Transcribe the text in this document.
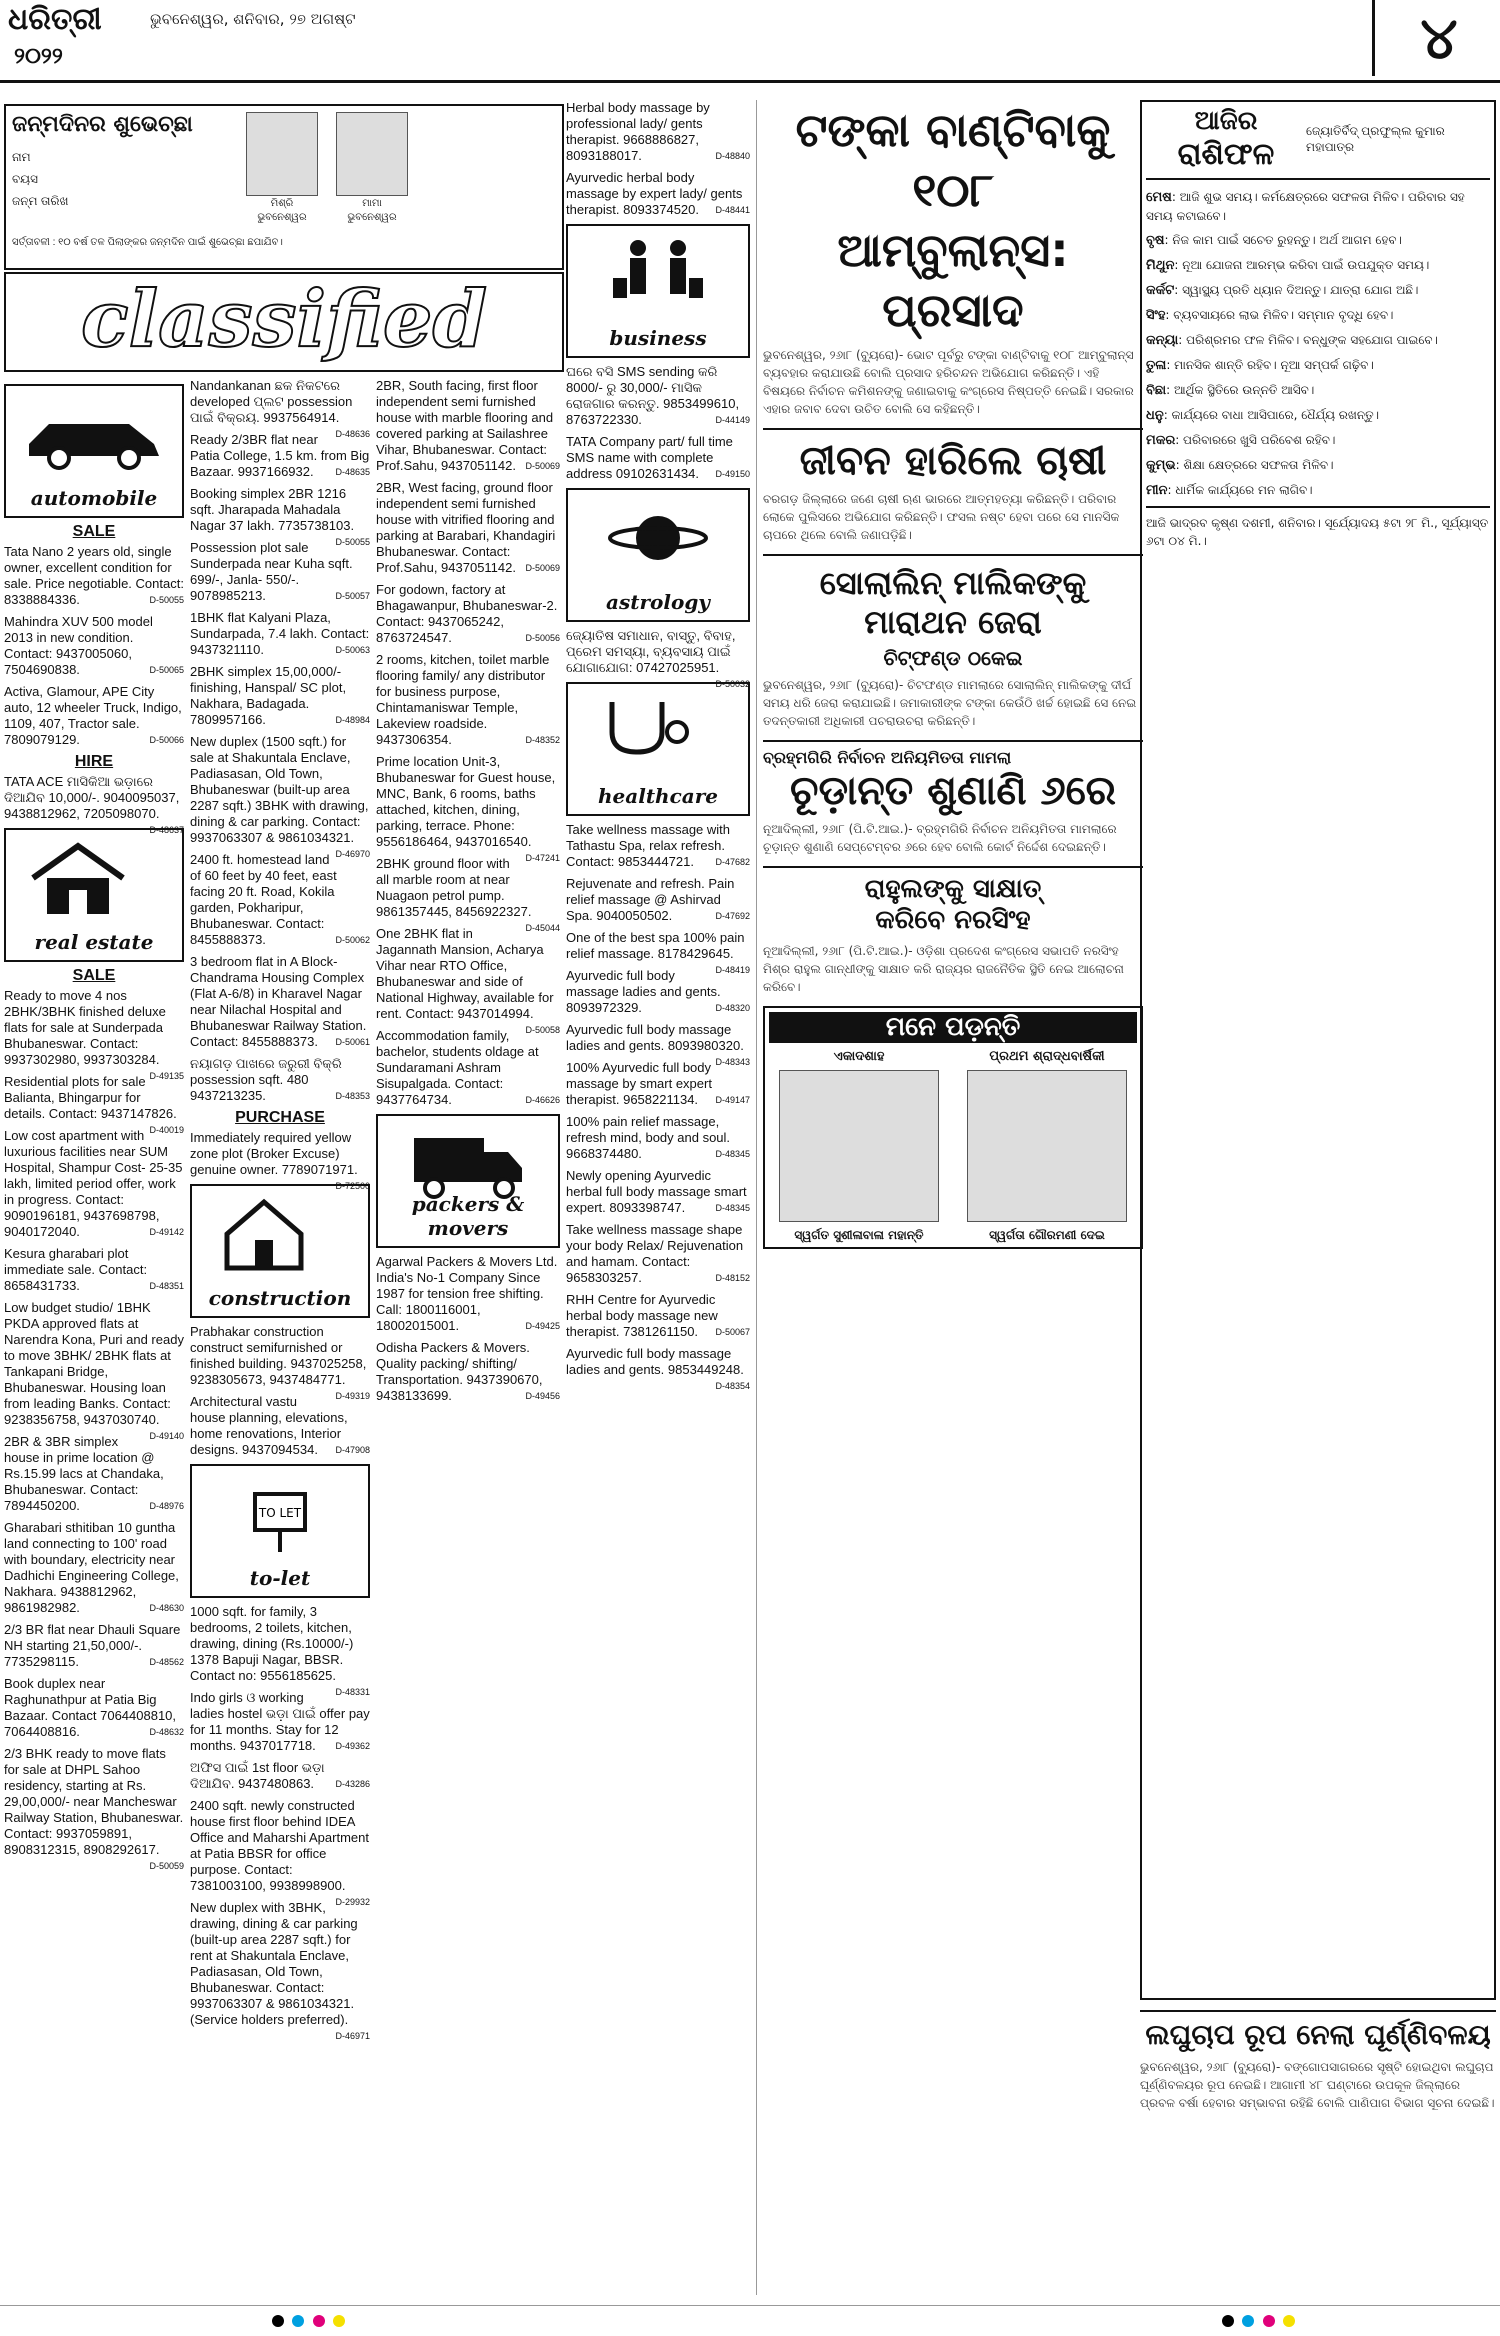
ଧରିତ୍ରୀ
୨୦୨୨
ଭୁବନେଶ୍ୱର, ଶନିବାର, ୨୭ ଅଗଷ୍ଟ	୪
ଜନ୍ମଦିନର ଶୁଭେଚ୍ଛା
ନାମ
ବୟସ
ଜନ୍ମ ତାରିଖ	ମିଶ୍ରି
ଭୁବନେଶ୍ୱର
ମାମା
ଭୁବନେଶ୍ୱର
ସର୍ତ୍ତାବଳୀ : ୧୦ ବର୍ଷ ତଳ ପିଲାଙ୍କର ଜନ୍ମଦିନ ପାଇଁ ଶୁଭେଚ୍ଛା ଛପାଯିବ।
classified
automobile
SALE
Tata Nano 2 years old, single owner, excellent condition for sale. Price negotiable. Contact: 8338884336.	D-50055
Mahindra XUV 500 model 2013 in new condition. Contact: 9437005060, 7504690838.	D-50065
Activa, Glamour, APE City auto, 12 wheeler Truck, Indigo, 1109, 407, Tractor sale. 7809079129.	D-50066
HIRE
TATA ACE ମାସିକିଆ ଭଡ଼ାରେ ଦିଆଯିବ 10,000/-. 9040095037, 9438812962, 7205098070.
D-48637
real estate
SALE
Ready to move 4 nos 2BHK/3BHK finished deluxe flats for sale at Sunderpada Bhubaneswar. Contact: 9937302980, 9937303284.
D-49135
Residential plots for sale Balianta, Bhingarpur for details. Contact: 9437147826.
D-40019
Low cost apartment with luxurious facilities near SUM Hospital, Shampur Cost- 25-35 lakh, limited period offer, work in progress. Contact: 9090196181, 9437698798, 9040172040.	D-49142
Kesura gharabari plot immediate sale. Contact: 8658431733.	D-48351
Low budget studio/ 1BHK PKDA approved flats at Narendra Kona, Puri and ready to move 3BHK/ 2BHK flats at Tankapani Bridge, Bhubaneswar. Housing loan from leading Banks. Contact: 9238356758, 9437030740.
D-49140
2BR & 3BR simplex house in prime location @ Rs.15.99 lacs at Chandaka, Bhubaneswar. Contact: 7894450200.	D-48976
Gharabari sthitiban 10 guntha land connecting to 100' road with boundary, electricity near Dadhichi Engineering College, Nakhara. 9438812962, 9861982982.	D-48630
2/3 BR flat near Dhauli Square NH starting 21,50,000/-. 7735298115.	D-48562
Book duplex near Raghunathpur at Patia Big Bazaar. Contact 7064408810, 7064408816.	D-48632
2/3 BHK ready to move flats for sale at DHPL Sahoo residency, starting at Rs. 29,00,000/- near Mancheswar Railway Station, Bhubaneswar. Contact: 9937059891, 8908312315, 8908292617.
D-50059
Nandankanan ଛକ ନିକଟରେ developed ପ୍ଲଟ possession ପାଇଁ ବିକ୍ରୟ. 9937564914.
D-48636
Ready 2/3BR flat near Patia College, 1.5 km. from Big Bazaar. 9937166932. D-48635
Booking simplex 2BR 1216 sqft. Jharapada Mahadala Nagar 37 lakh. 7735738103.
D-50055
Possession plot sale Sunderpada near Kuha sqft. 699/-, Janla- 550/-. 9078985213.	D-50057
1BHK flat Kalyani Plaza, Sundarpada, 7.4 lakh. Contact: 9437321110.	D-50063
2BHK simplex 15,00,000/- finishing, Hanspal/ SC plot, Nakhara, Badagada. 7809957166.	D-48984
New duplex (1500 sqft.) for sale at Shakuntala Enclave, Padiasasan, Old Town, Bhubaneswar (built-up area 2287 sqft.) 3BHK with drawing, dining & car parking. Contact: 9937063307 & 9861034321.
D-46970
2400 ft. homestead land of 60 feet by 40 feet, east facing 20 ft. Road, Kokila garden, Pokharipur, Bhubaneswar. Contact: 8455888373.	D-50062
3 bedroom flat in A Block-Chandrama Housing Complex (Flat A-6/8) in Kharavel Nagar near Nilachal Hospital and Bhubaneswar Railway Station. Contact: 8455888373. D-50061
ନୟାଗଡ଼ ପାଖରେ ଜରୁରୀ ବିକ୍ରି possession sqft. 480 9437213235.	D-48353
PURCHASE
Immediately required yellow zone plot (Broker Excuse) genuine owner. 7789071971.
D-72500
construction
Prabhakar construction construct semifurnished or finished building. 9437025258, 9238305673, 9437484771.
D-49319
Architectural vastu house planning, elevations, home renovations, Interior designs. 9437094534. D-47908
TO LET
to-let
1000 sqft. for family, 3 bedrooms, 2 toilets, kitchen, drawing, dining (Rs.10000/-) 1378 Bapuji Nagar, BBSR. Contact no: 9556185625.
D-48331
Indo girls ଓ working ladies hostel ଭଡ଼ା ପାଇଁ offer pay for 11 months. Stay for 12 months. 9437017718. D-49362
ଅଫିସ ପାଇଁ 1st floor ଭଡ଼ା ଦିଆଯିବ. 9437480863. D-43286
2400 sqft. newly constructed house first floor behind IDEA Office and Maharshi Apartment at Patia BBSR for office purpose. Contact: 7381003100, 9938998900.
D-29932
New duplex with 3BHK, drawing, dining & car parking (built-up area 2287 sqft.) for rent at Shakuntala Enclave, Padiasasan, Old Town, Bhubaneswar. Contact: 9937063307 & 9861034321. (Service holders preferred).
D-46971
2BR, South facing, first floor independent semi furnished house with marble flooring and covered parking at Sailashree Vihar, Bhubaneswar. Contact: Prof.Sahu, 9437051142. D-50069
2BR, West facing, ground floor independent semi furnished house with vitrified flooring and parking at Barabari, Khandagiri Bhubaneswar. Contact: Prof.Sahu, 9437051142. D-50069
For godown, factory at Bhagawanpur, Bhubaneswar-2. Contact: 9437065242, 8763724547.	D-50056
2 rooms, kitchen, toilet marble flooring family/ any distributor for business purpose, Chintamaniswar Temple, Lakeview roadside. 9437306354.	D-48352
Prime location Unit-3, Bhubaneswar for Guest house, MNC, Bank, 6 rooms, baths attached, kitchen, dining, parking, terrace. Phone: 9556186464, 9437016540.
D-47241
2BHK ground floor with all marble room at near Nuagaon petrol pump. 9861357445, 8456922327.
D-45044
One 2BHK flat in Jagannath Mansion, Acharya Vihar near RTO Office, Bhubaneswar and side of National Highway, available for rent. Contact: 9437014994.
D-50058
Accommodation family, bachelor, students oldage at Sundaramani Ashram Sisupalgada. Contact: 9437764734.	D-46626
packers & movers
Agarwal Packers & Movers Ltd. India's No-1 Company Since 1987 for tension free shifting. Call: 1800116001, 18002015001.	D-49425
Odisha Packers & Movers. Quality packing/ shifting/ Transportation. 9437390670, 9438133699.	D-49456
Herbal body massage by professional lady/ gents therapist. 9668886827, 8093188017.	D-48840
Ayurvedic herbal body massage by expert lady/ gents therapist. 8093374520. D-48441
business
ଘରେ ବସି SMS sending କରି 8000/- ରୁ 30,000/- ମାସିକ ରୋଜଗାର କରନ୍ତୁ. 9853499610, 8763722330.	D-44149
TATA Company part/ full time SMS name with complete address 09102631434. D-49150
astrology
ଜ୍ୟୋତିଷ ସମାଧାନ, ବାସ୍ତୁ, ବିବାହ, ପ୍ରେମ ସମସ୍ୟା, ବ୍ୟବସାୟ ପାଇଁ ଯୋଗାଯୋଗ: 07427025951.
D-50032
healthcare
Take wellness massage with Tathastu Spa, relax refresh. Contact: 9853444721. D-47682
Rejuvenate and refresh. Pain relief massage @ Ashirvad Spa. 9040050502.	D-47692
One of the best spa 100% pain relief massage. 8178429645.
D-48419
Ayurvedic full body massage ladies and gents. 8093972329.	D-48320
Ayurvedic full body massage ladies and gents. 8093980320.
D-48343
100% Ayurvedic full body massage by smart expert therapist. 9658221134. D-49147
100% pain relief massage, refresh mind, body and soul. 9668374480.	D-48345
Newly opening Ayurvedic herbal full body massage smart expert. 8093398747.	D-48345
Take wellness massage shape your body Relax/ Rejuvenation and hamam. Contact: 9658303257.	D-48152
RHH Centre for Ayurvedic herbal body massage new therapist. 7381261150. D-50067
Ayurvedic full body massage ladies and gents. 9853449248.
D-48354
ଟଙ୍କା ବାଣ୍ଟିବାକୁ ୧୦୮
ଆମ୍ବୁଲାନ୍ସ: ପ୍ରସାଦ
ଭୁବନେଶ୍ୱର, ୨୬ା୮ (ବ୍ୟୁରୋ)- ଭୋଟ ପୂର୍ବରୁ ଟଙ୍କା ବାଣ୍ଟିବାକୁ ୧୦୮ ଆମ୍ବୁଲାନ୍ସ ବ୍ୟବହାର କରାଯାଉଛି ବୋଲି ପ୍ରସାଦ ହରିଚନ୍ଦନ ଅଭିଯୋଗ କରିଛନ୍ତି। ଏହି ବିଷୟରେ ନିର୍ବାଚନ କମିଶନଙ୍କୁ ଜଣାଇବାକୁ କଂଗ୍ରେସ ନିଷ୍ପତ୍ତି ନେଇଛି। ସରକାର ଏହାର ଜବାବ ଦେବା ଉଚିତ ବୋଲି ସେ କହିଛନ୍ତି।
ଜୀବନ ହାରିଲେ ଚାଷୀ
ବରଗଡ଼ ଜିଲ୍ଲାରେ ଜଣେ ଚାଷୀ ଋଣ ଭାରରେ ଆତ୍ମହତ୍ୟା କରିଛନ୍ତି। ପରିବାର ଲୋକେ ପୁଲିସରେ ଅଭିଯୋଗ କରିଛନ୍ତି। ଫସଲ ନଷ୍ଟ ହେବା ପରେ ସେ ମାନସିକ ଚାପରେ ଥିଲେ ବୋଲି ଜଣାପଡ଼ିଛି।
ସୋଲାଲିନ୍ ମାଲିକଙ୍କୁ ମାରାଥନ ଜେରା
ଚିଟ୍‌ଫଣ୍ଡ ଠକେଇ
ଭୁବନେଶ୍ୱର, ୨୬ା୮ (ବ୍ୟୁରୋ)- ଚିଟଫଣ୍ଡ ମାମଲାରେ ସୋଲାଲିନ୍ ମାଲିକଙ୍କୁ ଦୀର୍ଘ ସମୟ ଧରି ଜେରା କରାଯାଇଛି। ଜମାକାରୀଙ୍କ ଟଙ୍କା କେଉଁଠି ଖର୍ଚ୍ଚ ହୋଇଛି ସେ ନେଇ ତଦନ୍ତକାରୀ ଅଧିକାରୀ ପଚରାଉଚରା କରିଛନ୍ତି।
ବ୍ରହ୍ମଗିରି ନିର୍ବାଚନ ଅନିୟମିତତା ମାମଲା
ଚୂଡ଼ାନ୍ତ ଶୁଣାଣି ୬ରେ
ନୂଆଦିଲ୍ଲୀ, ୨୬ା୮ (ପି.ଟି.ଆଇ.)- ବ୍ରହ୍ମଗିରି ନିର୍ବାଚନ ଅନିୟମିତତା ମାମଲାରେ ଚୂଡ଼ାନ୍ତ ଶୁଣାଣି ସେପ୍ଟେମ୍ବର ୬ରେ ହେବ ବୋଲି କୋର୍ଟ ନିର୍ଦ୍ଦେଶ ଦେଇଛନ୍ତି।
ରାହୁଲଙ୍କୁ ସାକ୍ଷାତ୍
କରିବେ ନରସିଂହ
ନୂଆଦିଲ୍ଲୀ, ୨୬ା୮ (ପି.ଟି.ଆଇ.)- ଓଡ଼ିଶା ପ୍ରଦେଶ କଂଗ୍ରେସ ସଭାପତି ନରସିଂହ ମିଶ୍ର ରାହୁଲ ଗାନ୍ଧୀଙ୍କୁ ସାକ୍ଷାତ କରି ରାଜ୍ୟର ରାଜନୈତିକ ସ୍ଥିତି ନେଇ ଆଲୋଚନା କରିବେ।
ମନେ ପଡ଼ନ୍ତି
ଏକାଦଶାହ
ସ୍ୱର୍ଗତ ସୁଶୀଳାବାଳା ମହାନ୍ତି
ପ୍ରଥମ ଶ୍ରାଦ୍ଧବାର୍ଷିକୀ
ସ୍ୱର୍ଗତା ଗୌରମଣୀ ଦେଇ
ଆଜିର
ରାଶିଫଳ
ଜ୍ୟୋତିର୍ବିଦ୍ ପ୍ରଫୁଲ୍ଲ କୁମାର ମହାପାତ୍ର
ମେଷ: ଆଜି ଶୁଭ ସମୟ। କର୍ମକ୍ଷେତ୍ରରେ ସଫଳତା ମିଳିବ। ପରିବାର ସହ ସମୟ କଟାଇବେ।
ବୃଷ: ନିଜ କାମ ପାଇଁ ସଚେତ ରୁହନ୍ତୁ। ଅର୍ଥ ଆଗମ ହେବ।
ମିଥୁନ: ନୂଆ ଯୋଜନା ଆରମ୍ଭ କରିବା ପାଇଁ ଉପଯୁକ୍ତ ସମୟ।
କର୍କଟ: ସ୍ୱାସ୍ଥ୍ୟ ପ୍ରତି ଧ୍ୟାନ ଦିଅନ୍ତୁ। ଯାତ୍ରା ଯୋଗ ଅଛି।
ସିଂହ: ବ୍ୟବସାୟରେ ଲାଭ ମିଳିବ। ସମ୍ମାନ ବୃଦ୍ଧି ହେବ।
କନ୍ୟା: ପରିଶ୍ରମର ଫଳ ମିଳିବ। ବନ୍ଧୁଙ୍କ ସହଯୋଗ ପାଇବେ।
ତୁଳା: ମାନସିକ ଶାନ୍ତି ରହିବ। ନୂଆ ସମ୍ପର୍କ ଗଢ଼ିବ।
ବିଛା: ଆର୍ଥିକ ସ୍ଥିତିରେ ଉନ୍ନତି ଆସିବ।
ଧନୁ: କାର୍ଯ୍ୟରେ ବାଧା ଆସିପାରେ, ଧୈର୍ଯ୍ୟ ରଖନ୍ତୁ।
ମକର: ପରିବାରରେ ଖୁସି ପରିବେଶ ରହିବ।
କୁମ୍ଭ: ଶିକ୍ଷା କ୍ଷେତ୍ରରେ ସଫଳତା ମିଳିବ।
ମୀନ: ଧାର୍ମିକ କାର୍ଯ୍ୟରେ ମନ ଲାଗିବ।
ଆଜି ଭାଦ୍ରବ କୃଷ୍ଣ ଦଶମୀ, ଶନିବାର। ସୂର୍ଯ୍ୟୋଦୟ ୫ଟା ୨୮ ମି., ସୂର୍ଯ୍ୟାସ୍ତ ୬ଟା ୦୪ ମି.।
ଲଘୁଚାପ ରୂପ ନେଲା ଘୂର୍ଣ୍ଣିବଳୟ
ଭୁବନେଶ୍ୱର, ୨୬ା୮ (ବ୍ୟୁରୋ)- ବଙ୍ଗୋପସାଗରରେ ସୃଷ୍ଟି ହୋଇଥିବା ଲଘୁଚାପ ଘୂର୍ଣ୍ଣିବଳୟର ରୂପ ନେଇଛି। ଆଗାମୀ ୪୮ ଘଣ୍ଟାରେ ଉପକୂଳ ଜିଲ୍ଲାରେ ପ୍ରବଳ ବର୍ଷା ହେବାର ସମ୍ଭାବନା ରହିଛି ବୋଲି ପାଣିପାଗ ବିଭାଗ ସୂଚନା ଦେଇଛି।
